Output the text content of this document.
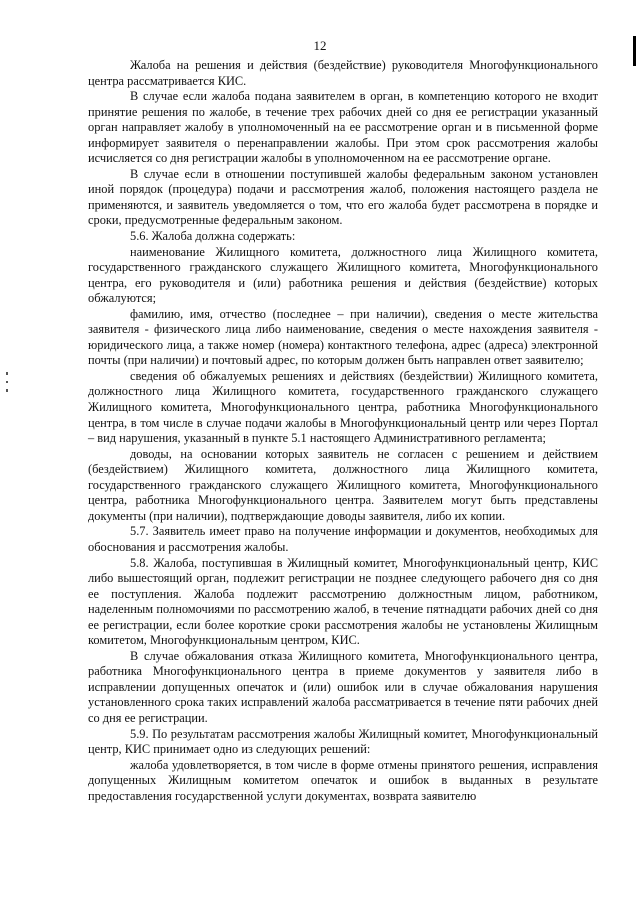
12

Жалоба на решения и действия (бездействие) руководителя Многофункционального центра рассматривается КИС.

В случае если жалоба подана заявителем в орган, в компетенцию которого не входит принятие решения по жалобе, в течение трех рабочих дней со дня ее регистрации указанный орган направляет жалобу в уполномоченный на ее рассмотрение орган и в письменной форме информирует заявителя о перенаправлении жалобы. При этом срок рассмотрения жалобы исчисляется со дня регистрации жалобы в уполномоченном на ее рассмотрение органе.

В случае если в отношении поступившей жалобы федеральным законом установлен иной порядок (процедура) подачи и рассмотрения жалоб, положения настоящего раздела не применяются, и заявитель уведомляется о том, что его жалоба будет рассмотрена в порядке и сроки, предусмотренные федеральным законом.

5.6. Жалоба должна содержать:

наименование Жилищного комитета, должностного лица Жилищного комитета, государственного гражданского служащего Жилищного комитета, Многофункционального центра, его руководителя и (или) работника решения и действия (бездействие) которых обжалуются;

фамилию, имя, отчество (последнее – при наличии), сведения о месте жительства заявителя - физического лица либо наименование, сведения о месте нахождения заявителя - юридического лица, а также номер (номера) контактного телефона, адрес (адреса) электронной почты (при наличии) и почтовый адрес, по которым должен быть направлен ответ заявителю;

сведения об обжалуемых решениях и действиях (бездействии) Жилищного комитета, должностного лица Жилищного комитета, государственного гражданского служащего Жилищного комитета, Многофункционального центра, работника Многофункционального центра, в том числе в случае подачи жалобы в Многофункциональный центр или через Портал – вид нарушения, указанный в пункте 5.1 настоящего Административного регламента;

доводы, на основании которых заявитель не согласен с решением и действием (бездействием) Жилищного комитета, должностного лица Жилищного комитета, государственного гражданского служащего Жилищного комитета, Многофункционального центра, работника Многофункционального центра. Заявителем могут быть представлены документы (при наличии), подтверждающие доводы заявителя, либо их копии.

5.7. Заявитель имеет право на получение информации и документов, необходимых для обоснования и рассмотрения жалобы.

5.8. Жалоба, поступившая в Жилищный комитет, Многофункциональный центр, КИС либо вышестоящий орган, подлежит регистрации не позднее следующего рабочего дня со дня ее поступления. Жалоба подлежит рассмотрению должностным лицом, работником, наделенным полномочиями по рассмотрению жалоб, в течение пятнадцати рабочих дней со дня ее регистрации, если более короткие сроки рассмотрения жалобы не установлены Жилищным комитетом, Многофункциональным центром, КИС.

В случае обжалования отказа Жилищного комитета, Многофункционального центра, работника Многофункционального центра в приеме документов у заявителя либо в исправлении допущенных опечаток и (или) ошибок или в случае обжалования нарушения установленного срока таких исправлений жалоба рассматривается в течение пяти рабочих дней со дня ее регистрации.

5.9. По результатам рассмотрения жалобы Жилищный комитет, Многофункциональный центр, КИС принимает одно из следующих решений:

жалоба удовлетворяется, в том числе в форме отмены принятого решения, исправления допущенных Жилищным комитетом опечаток и ошибок в выданных в результате предоставления государственной услуги документах, возврата заявителю
